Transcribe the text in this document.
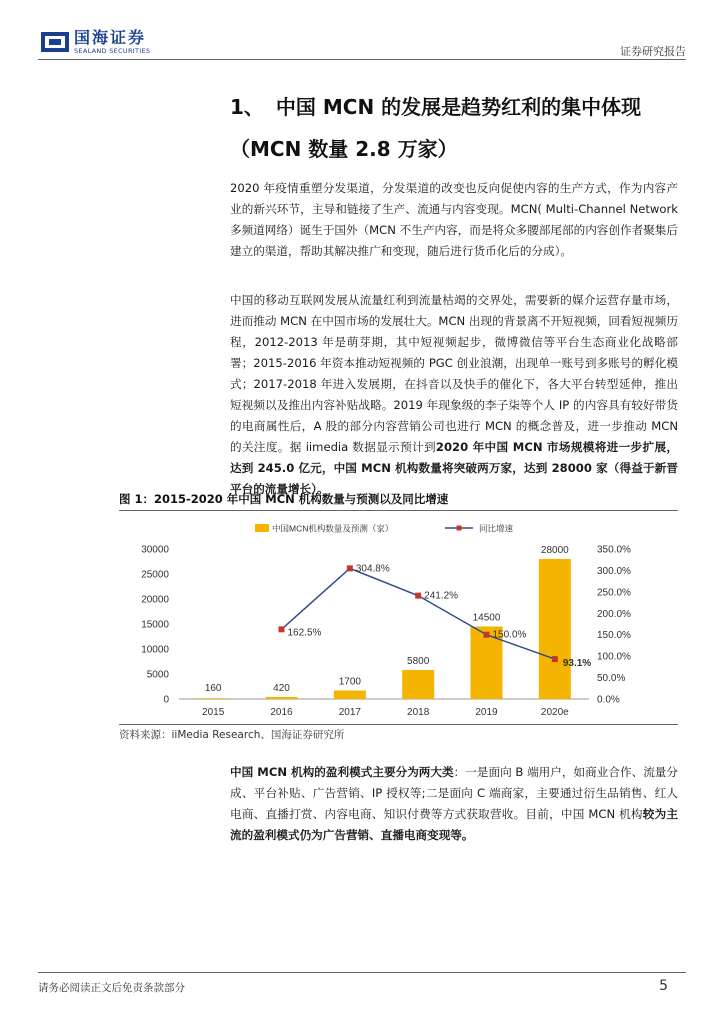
国海证券
SEALAND SECURITIES	证券研究报告
1、 中国 MCN 的发展是趋势红利的集中体现（MCN 数量 2.8 万家）

2020 年疫情重塑分发渠道，分发渠道的改变也反向促使内容的生产方式，作为内容产业的新兴环节，主导和链接了生产、流通与内容变现。MCN( Multi-Channel Network 多频道网络）诞生于国外（MCN 不生产内容，而是将众多腰部尾部的内容创作者聚集后建立的渠道，帮助其解决推广和变现，随后进行货币化后的分成）。

中国的移动互联网发展从流量红利到流量枯竭的交界处，需要新的媒介运营存量市场，进而推动 MCN 在中国市场的发展壮大。MCN 出现的背景离不开短视频，回看短视频历程，2012-2013 年是萌芽期，其中短视频起步，微博微信等平台生态商业化战略部署；2015-2016 年资本推动短视频的 PGC 创业浪潮，出现单一账号到多账号的孵化模式；2017-2018 年进入发展期，在抖音以及快手的催化下，各大平台转型延伸，推出短视频以及推出内容补贴战略。2019 年现象级的李子柒等个人 IP 的内容具有较好带货的电商属性后，A 股的部分内容营销公司也进行 MCN 的概念普及，进一步推动 MCN 的关注度。据 iimedia 数据显示预计到2020 年中国 MCN 市场规模将进一步扩展，达到 245.0 亿元，中国 MCN 机构数量将突破两万家，达到 28000 家（得益于新晋平台的流量增长）。

图 1：2015-2020 年中国 MCN 机构数量与预测以及同比增速
中国MCN机构数量及预测（家）	同比增速
0
5000
10000
15000
20000
25000
30000
0.0%
50.0%
100.0%
150.0%
200.0%
250.0%
300.0%
350.0%
160	420
1700
5800
14500
28000
2015	2016	2017	2018	2019	2020e
162.5%
304.8%
241.2%
150.0%
93.1%
资料来源：iiMedia Research、国海证券研究所

中国 MCN 机构的盈利模式主要分为两大类：一是面向 B 端用户，如商业合作、流量分成、平台补贴、广告营销、IP 授权等;二是面向 C 端商家，主要通过衍生品销售、红人电商、直播打赏、内容电商、知识付费等方式获取营收。目前，中国 MCN 机构较为主流的盈利模式仍为广告营销、直播电商变现等。

请务必阅读正文后免责条款部分	5
